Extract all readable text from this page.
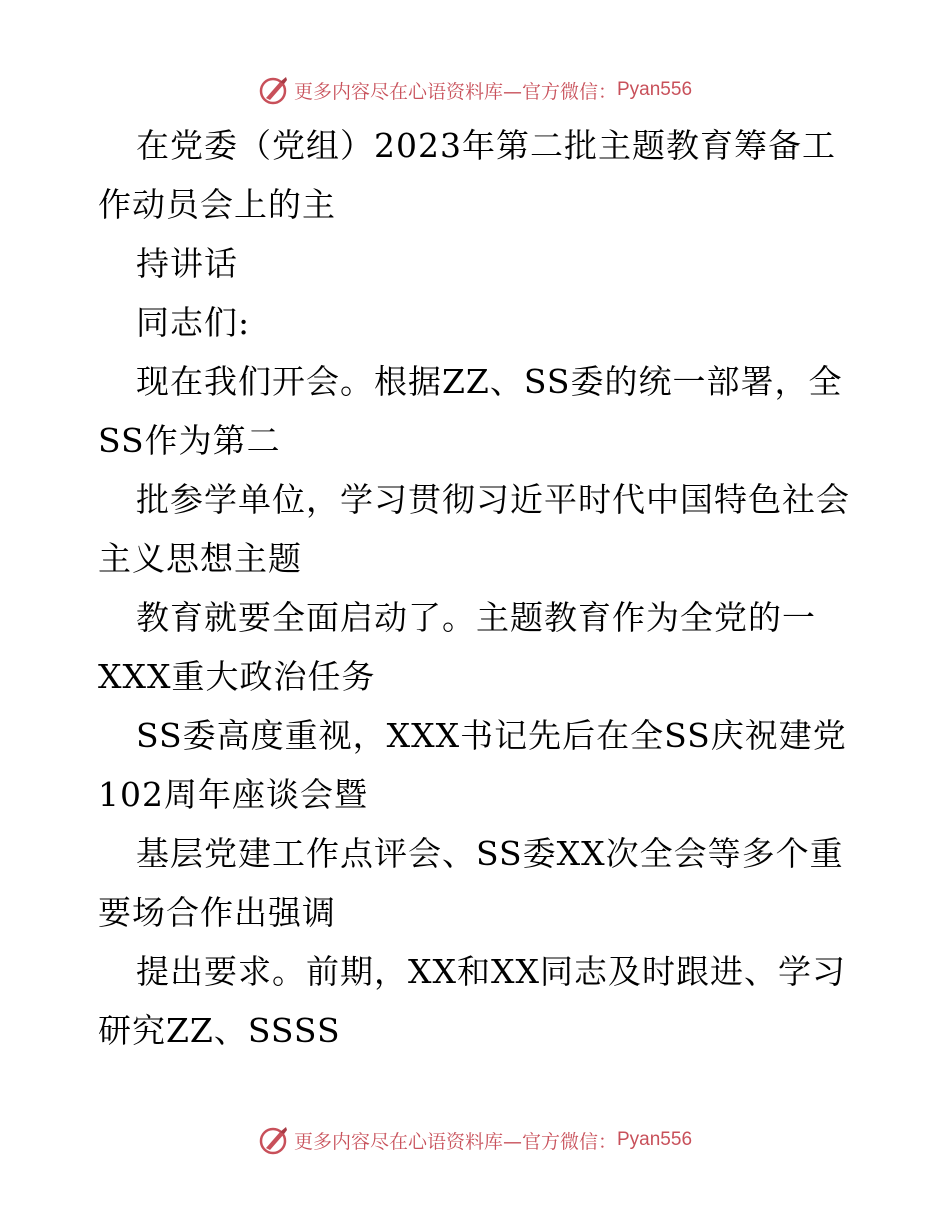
更多内容尽在心语资料库—官方微信： Pyan556
在党委（党组）2023年第二批主题教育筹备工
作动员会上的主
持讲话
同志们:
现在我们开会。根据ZZ、SS委的统一部署，全
SS作为第二
批参学单位，学习贯彻习近平时代中国特色社会
主义思想主题
教育就要全面启动了。主题教育作为全党的一
XXX重大政治任务
SS委高度重视，XXX书记先后在全SS庆祝建党
102周年座谈会暨
基层党建工作点评会、SS委XX次全会等多个重
要场合作出强调
提出要求。前期，XX和XX同志及时跟进、学习
研究ZZ、SSSS
更多内容尽在心语资料库—官方微信： Pyan556
